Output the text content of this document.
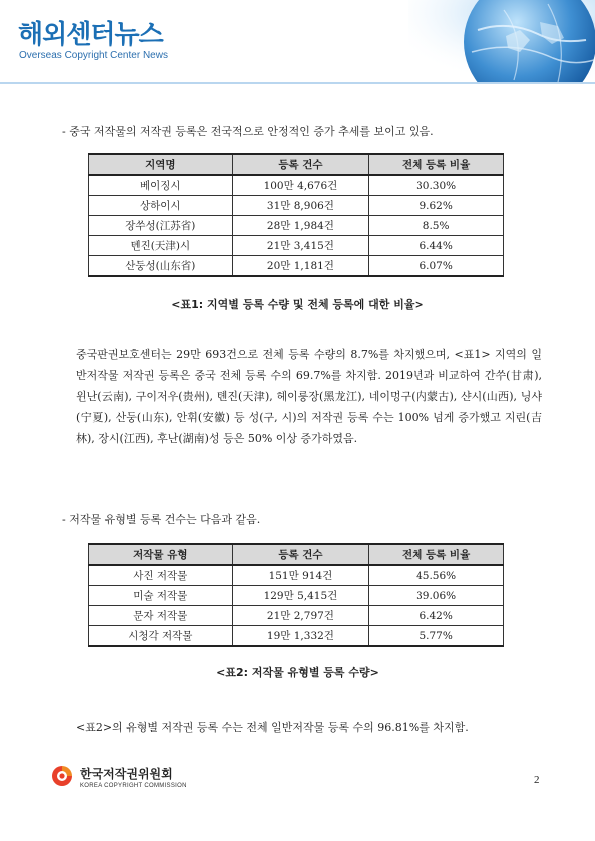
해외센터뉴스
Overseas Copyright Center News

- 중국 저작물의 저작권 등록은 전국적으로 안정적인 증가 추세를 보이고 있음.

지역명	등록 건수	전체 등록 비율
베이징시	100만 4,676건	30.30%
상하이시	31만 8,906건	9.62%
장쑤성(江苏省)	28만 1,984건	8.5%
톈진(天津)시	21만 3,415건	6.44%
산둥성(山东省)	20만 1,181건	6.07%

<표1: 지역별 등록 수량 및 전체 등록에 대한 비율>

중국판권보호센터는 29만 693건으로 전체 등록 수량의 8.7%를 차지했으며, <표1> 지역의 일반저작물 저작권 등록은 중국 전체 등록 수의 69.7%를 차지함. 2019년과 비교하여 간쑤(甘肃), 윈난(云南), 구이저우(贵州), 톈진(天津), 헤이룽장(黑龙江), 네이멍구(内蒙古), 샨시(山西), 닝샤(宁夏), 산둥(山东), 안휘(安徽) 등 성(구, 시)의 저작권 등록 수는 100% 넘게 증가했고 지린(吉林), 장시(江西), 후난(湖南)성 등은 50% 이상 증가하였음.

- 저작물 유형별 등록 건수는 다음과 같음.

저작물 유형	등록 건수	전체 등록 비율
사진 저작물	151만 914건	45.56%
미술 저작물	129만 5,415건	39.06%
문자 저작물	21만 2,797건	6.42%
시청각 저작물	19만 1,332건	5.77%

<표2: 저작물 유형별 등록 수량>

<표2>의 유형별 저작권 등록 수는 전체 일반저작물 등록 수의 96.81%를 차지함.

한국저작권위원회
KOREA COPYRIGHT COMMISSION	2
